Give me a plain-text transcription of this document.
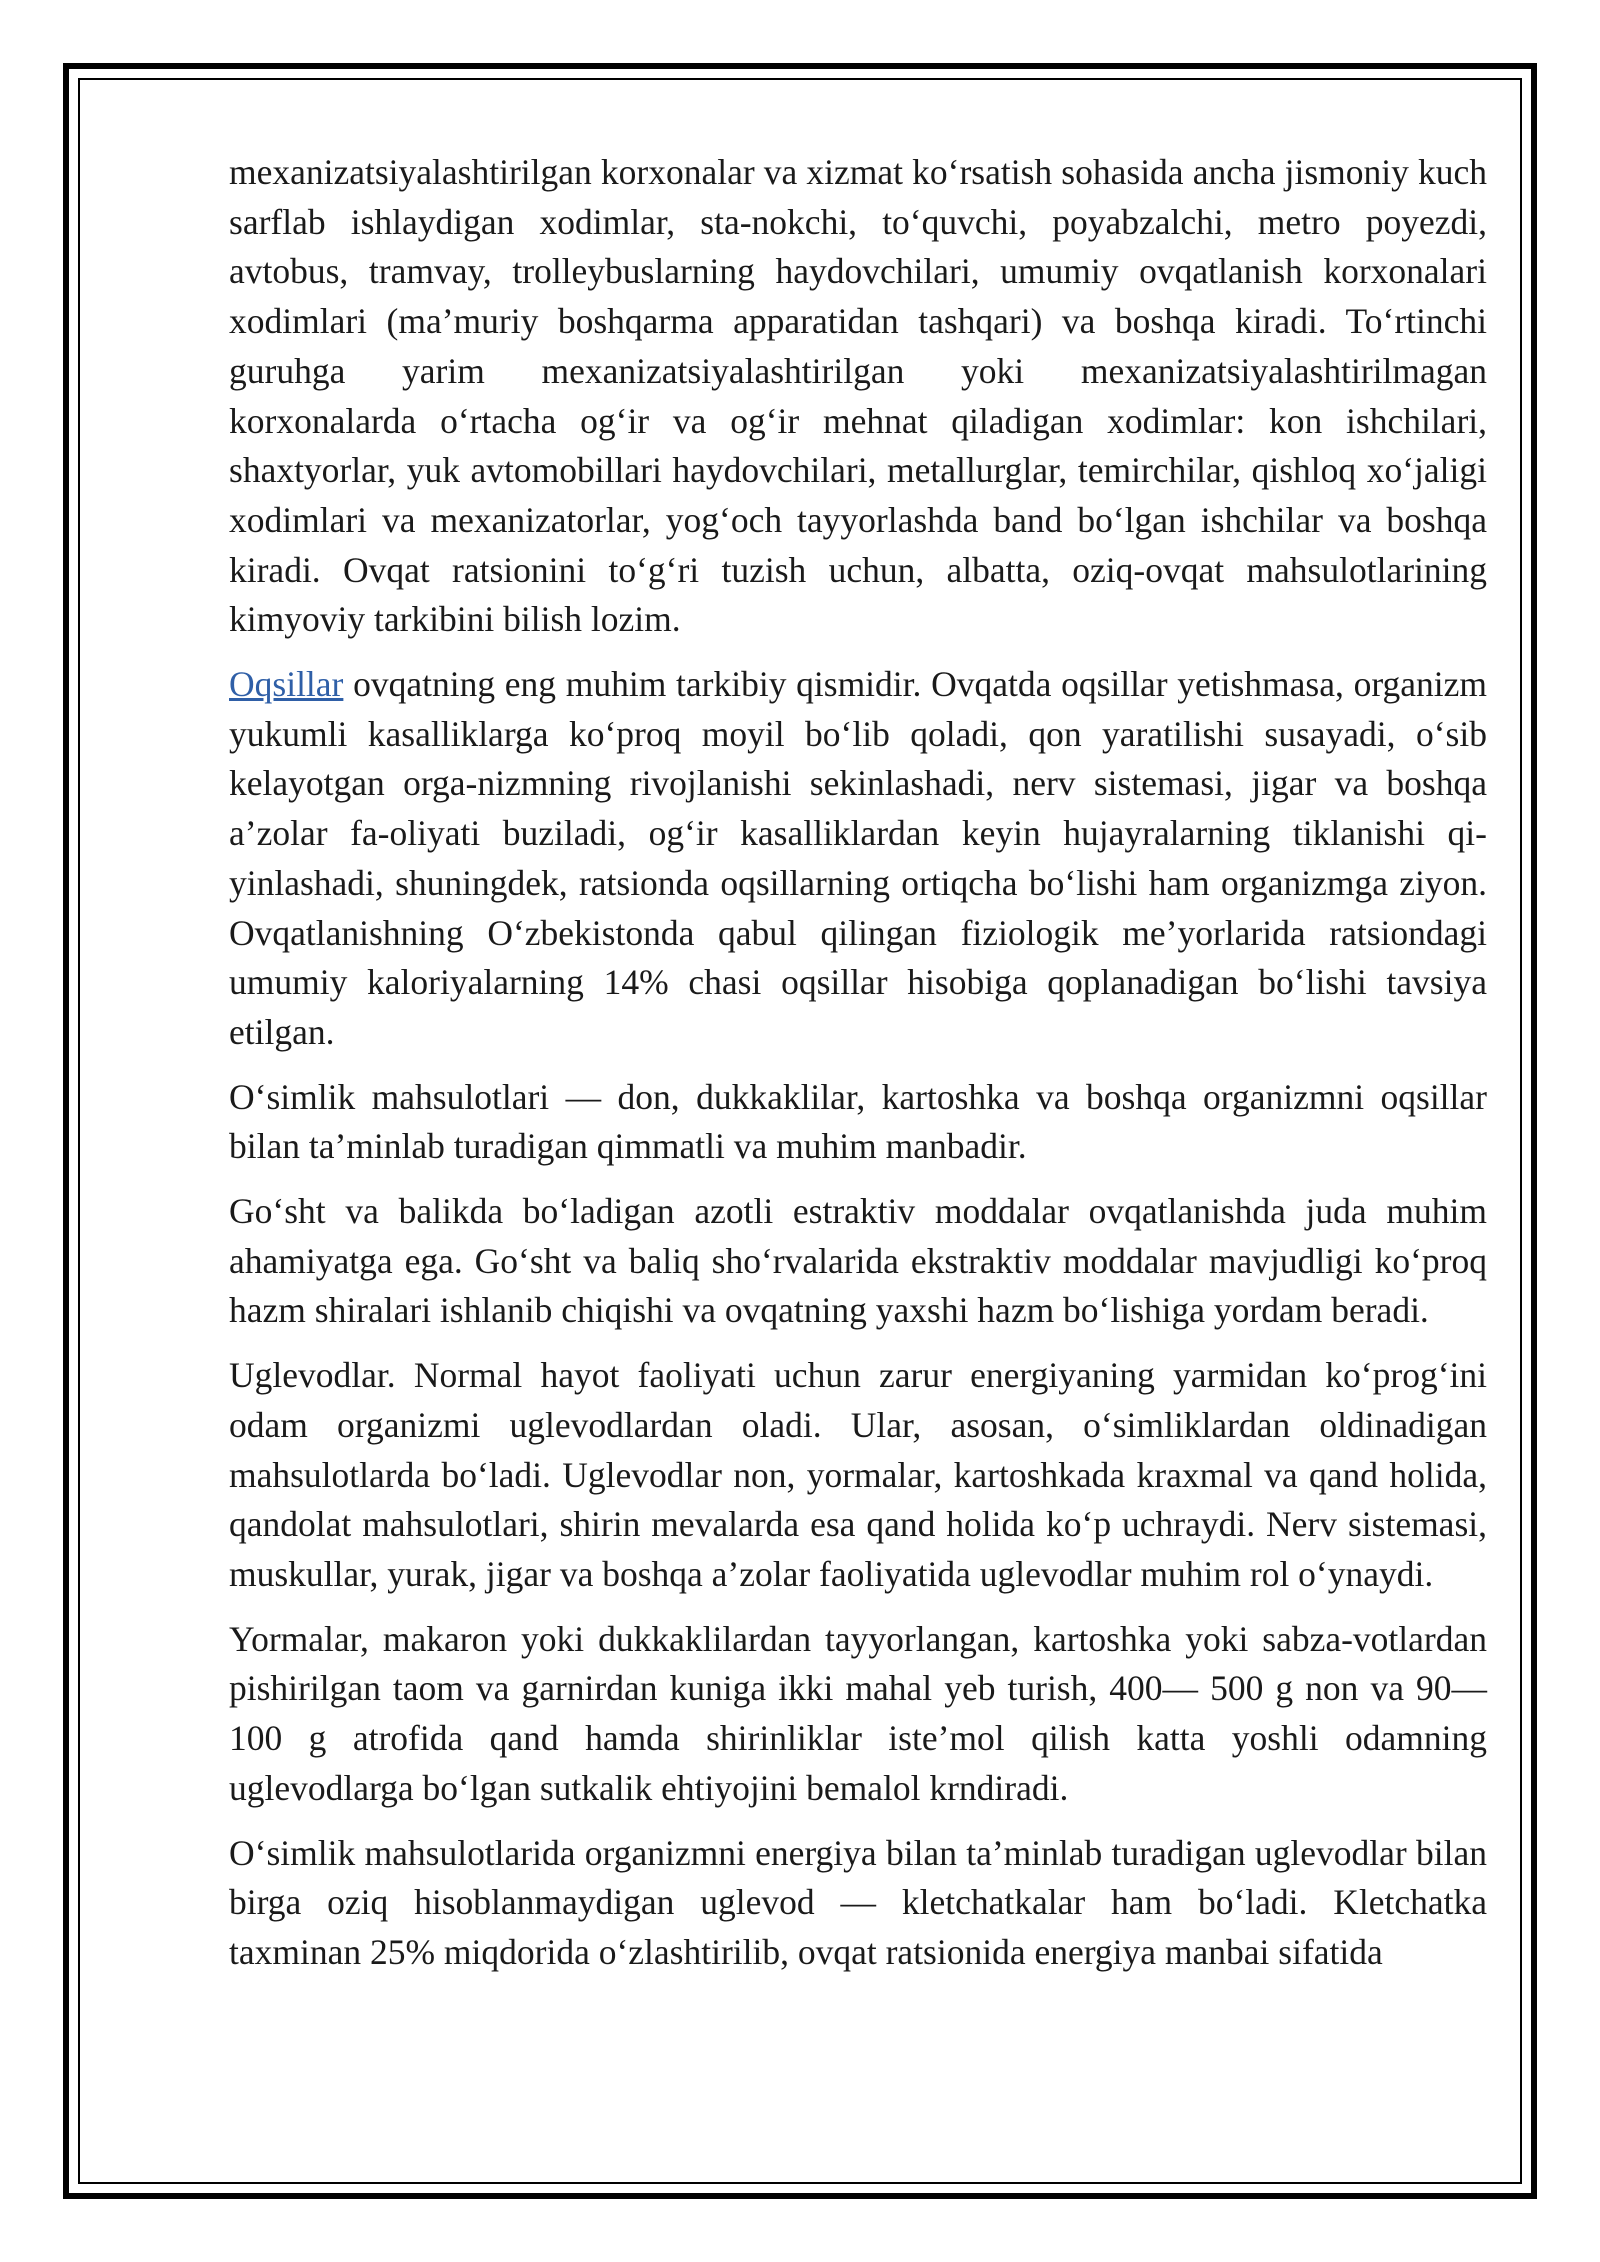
mexanizatsiyalashtirilgan korxonalar va xizmat ko‘rsatish sohasida ancha jismoniy kuch sarflab ishlaydigan xodimlar, sta-nokchi, to‘quvchi, poyabzalchi, metro poyezdi, avtobus, tramvay, trolleybuslarning haydovchilari, umumiy ovqatlanish korxonalari xodimlari (ma’muriy boshqarma apparatidan tashqari) va boshqa kiradi. To‘rtinchi guruhga yarim mexanizatsiyalashtirilgan yoki mexanizatsiyalashtirilmagan korxonalarda o‘rtacha og‘ir va og‘ir mehnat qiladigan xodimlar: kon ishchilari, shaxtyorlar, yuk avtomobillari haydovchilari, metallurglar, temirchilar, qishloq xo‘jaligi xodimlari va mexanizatorlar, yog‘och tayyorlashda band bo‘lgan ishchilar va boshqa kiradi. Ovqat ratsionini to‘g‘ri tuzish uchun, albatta, oziq-ovqat mahsulotlarining kimyoviy tarkibini bilish lozim.

Oqsillar ovqatning eng muhim tarkibiy qismidir. Ovqatda oqsillar yetishmasa, organizm yukumli kasalliklarga ko‘proq moyil bo‘lib qoladi, qon yaratilishi susayadi, o‘sib kelayotgan orga-nizmning rivojlanishi sekinlashadi, nerv sistemasi, jigar va boshqa a’zolar fa-oliyati buziladi, og‘ir kasalliklardan keyin hujayralarning tiklanishi qi-yinlashadi, shuningdek, ratsionda oqsillarning ortiqcha bo‘lishi ham organizmga ziyon. Ovqatlanishning O‘zbekistonda qabul qilingan fiziologik me’yorlarida ratsiondagi umumiy kaloriyalarning 14% chasi oqsillar hisobiga qoplanadigan bo‘lishi tavsiya etilgan.

O‘simlik mahsulotlari — don, dukkaklilar, kartoshka va boshqa organizmni oqsillar bilan ta’minlab turadigan qimmatli va muhim manbadir.

Go‘sht va balikda bo‘ladigan azotli estraktiv moddalar ovqatlanishda juda muhim ahamiyatga ega. Go‘sht va baliq sho‘rvalarida ekstraktiv moddalar mavjudligi ko‘proq hazm shiralari ishlanib chiqishi va ovqatning yaxshi hazm bo‘lishiga yordam beradi.

Uglevodlar. Normal hayot faoliyati uchun zarur energiyaning yarmidan ko‘prog‘ini odam organizmi uglevodlardan oladi. Ular, asosan, o‘simliklardan oldinadigan mahsulotlarda bo‘ladi. Uglevodlar non, yormalar, kartoshkada kraxmal va qand holida, qandolat mahsulotlari, shirin mevalarda esa qand holida ko‘p uchraydi. Nerv sistemasi, muskullar, yurak, jigar va boshqa a’zolar faoliyatida uglevodlar muhim rol o‘ynaydi.

Yormalar, makaron yoki dukkaklilardan tayyorlangan, kartoshka yoki sabza-votlardan pishirilgan taom va garnirdan kuniga ikki mahal yeb turish, 400— 500 g non va 90—100 g atrofida qand hamda shirinliklar iste’mol qilish katta yoshli odamning uglevodlarga bo‘lgan sutkalik ehtiyojini bemalol krndiradi.

O‘simlik mahsulotlarida organizmni energiya bilan ta’minlab turadigan uglevodlar bilan birga oziq hisoblanmaydigan uglevod — kletchatkalar ham bo‘ladi. Kletchatka taxminan 25% miqdorida o‘zlashtirilib, ovqat ratsionida energiya manbai sifatida
